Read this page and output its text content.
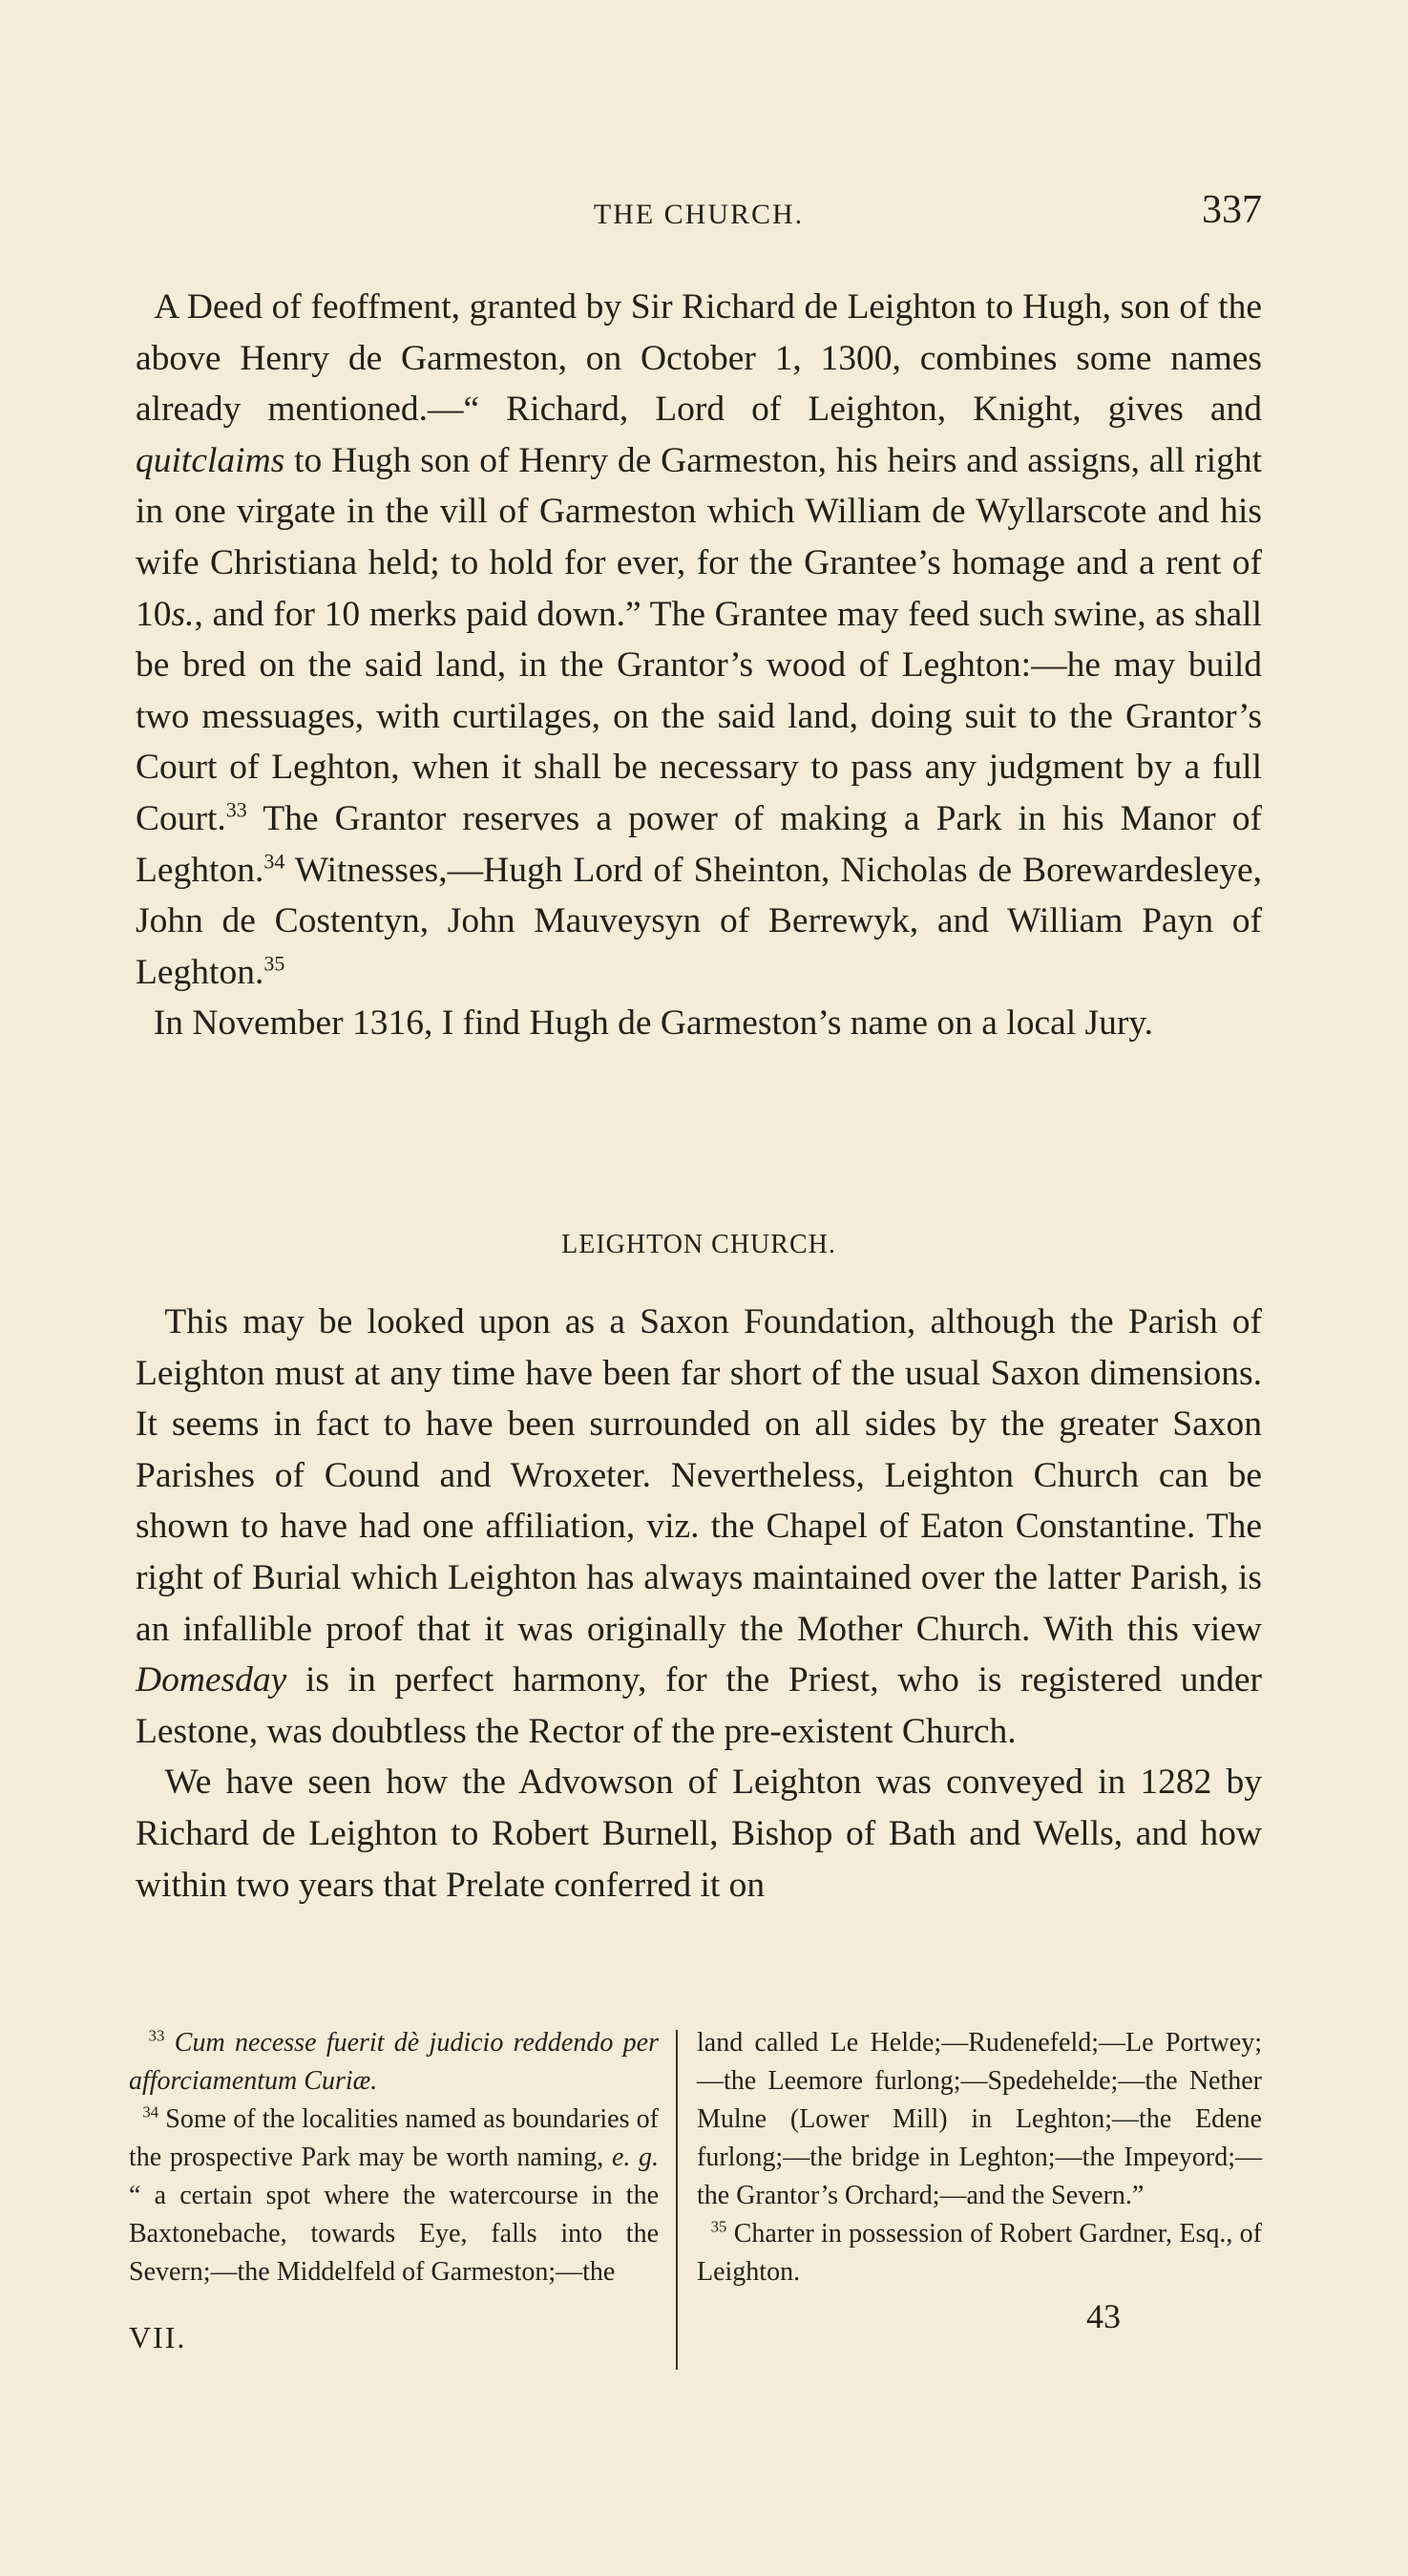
THE CHURCH.	337

A Deed of feoffment, granted by Sir Richard de Leighton to Hugh, son of the above Henry de Garmeston, on October 1, 1300, combines some names already mentioned.—“ Richard, Lord of Leighton, Knight, gives and quitclaims to Hugh son of Henry de Garmeston, his heirs and assigns, all right in one virgate in the vill of Garmeston which William de Wyllarscote and his wife Christiana held; to hold for ever, for the Grantee’s homage and a rent of 10s., and for 10 merks paid down.” The Grantee may feed such swine, as shall be bred on the said land, in the Grantor’s wood of Leghton:—he may build two messuages, with curtilages, on the said land, doing suit to the Grantor’s Court of Leghton, when it shall be necessary to pass any judgment by a full Court.$^{33}$ The Grantor reserves a power of making a Park in his Manor of Leghton.$^{34}$ Witnesses,—Hugh Lord of Sheinton, Nicholas de Borewardesleye, John de Costentyn, John Mauveysyn of Berrewyk, and William Payn of Leghton.$^{35}$

In November 1316, I find Hugh de Garmeston’s name on a local Jury.

LEIGHTON CHURCH.

This may be looked upon as a Saxon Foundation, although the Parish of Leighton must at any time have been far short of the usual Saxon dimensions. It seems in fact to have been surrounded on all sides by the greater Saxon Parishes of Cound and Wroxeter. Nevertheless, Leighton Church can be shown to have had one affiliation, viz. the Chapel of Eaton Constantine. The right of Burial which Leighton has always maintained over the latter Parish, is an infallible proof that it was originally the Mother Church. With this view Domesday is in perfect harmony, for the Priest, who is registered under Lestone, was doubtless the Rector of the pre-existent Church.

We have seen how the Advowson of Leighton was conveyed in 1282 by Richard de Leighton to Robert Burnell, Bishop of Bath and Wells, and how within two years that Prelate conferred it on

$^{33}$ Cum necesse fuerit dè judicio reddendo per afforciamentum Curiæ.

$^{34}$ Some of the localities named as boundaries of the prospective Park may be worth naming, e. g. “ a certain spot where the watercourse in the Baxtonebache, towards Eye, falls into the Severn;—the Middelfeld of Garmeston;—the

land called Le Helde;—Rudenefeld;—Le Portwey;—the Leemore furlong;—Spedehelde;—the Nether Mulne (Lower Mill) in Leghton;—the Edene furlong;—the bridge in Leghton;—the Impeyord;—the Grantor’s Orchard;—and the Severn.”

$^{35}$ Charter in possession of Robert Gardner, Esq., of Leighton.

VII.
43
